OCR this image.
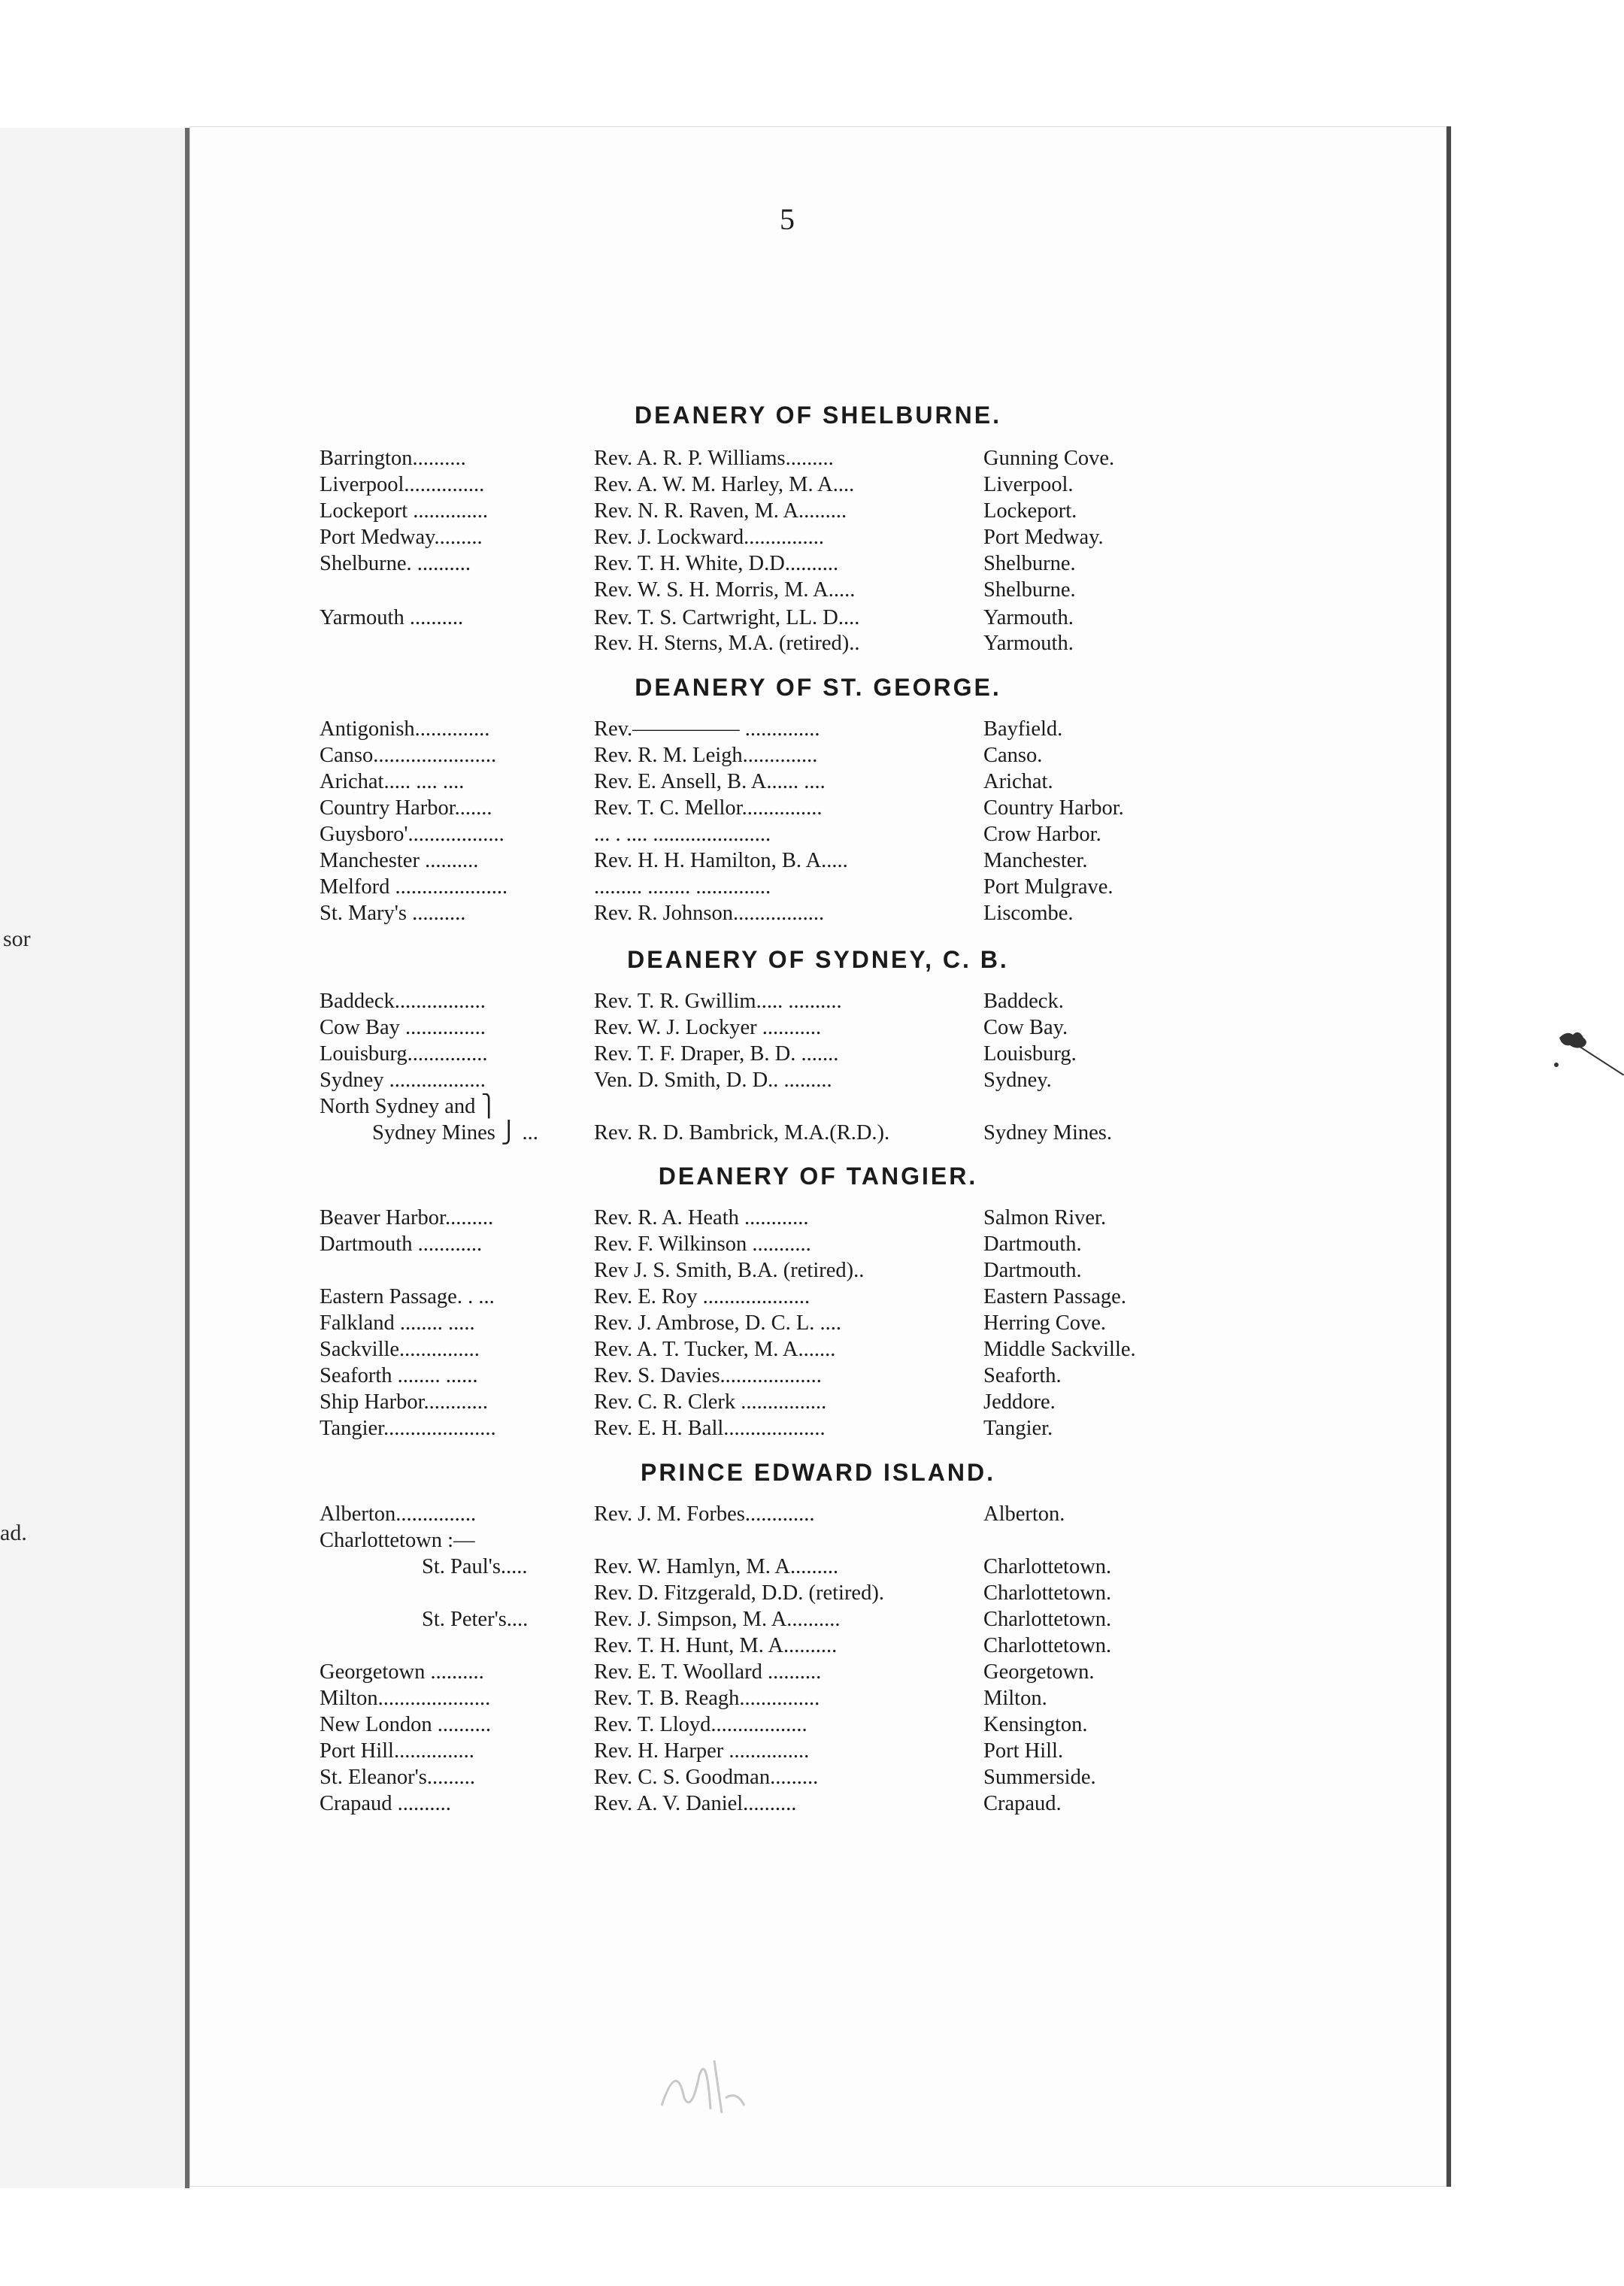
sor
ad.
5
DEANERY OF SHELBURNE.
Barrington..........	Rev. A. R. P. Williams.........	Gunning Cove.
Liverpool...............	Rev. A. W. M. Harley, M. A....	Liverpool.
Lockeport ..............	Rev. N. R. Raven, M. A.........	Lockeport.
Port Medway.........	Rev. J. Lockward...............	Port Medway.
Shelburne. ..........	Rev. T. H. White, D.D..........	Shelburne.
Rev. W. S. H. Morris, M. A.....	Shelburne.
Yarmouth ..........	Rev. T. S. Cartwright, LL. D....	Yarmouth.
Rev. H. Sterns, M.A. (retired)..	Yarmouth.
DEANERY OF ST. GEORGE.
Antigonish..............	Rev.————— ..............	Bayfield.
Canso.......................	Rev. R. M. Leigh..............	Canso.
Arichat..... .... ....	Rev. E. Ansell, B. A...... ....	Arichat.
Country Harbor.......	Rev. T. C. Mellor...............	Country Harbor.
Guysboro'..................	... . .... ......................	Crow Harbor.
Manchester ..........	Rev. H. H. Hamilton, B. A.....	Manchester.
Melford .....................	......... ........ ..............	Port Mulgrave.
St. Mary's ..........	Rev. R. Johnson.................	Liscombe.
DEANERY OF SYDNEY, C. B.
Baddeck.................	Rev. T. R. Gwillim..... ..........	Baddeck.
Cow Bay ...............	Rev. W. J. Lockyer ...........	Cow Bay.
Louisburg...............	Rev. T. F. Draper, B. D. .......	Louisburg.
Sydney ..................	Ven. D. Smith, D. D.. .........	Sydney.
North Sydney and ⎫
Sydney Mines ⎭ ...	Rev. R. D. Bambrick, M.A.(R.D.).	Sydney Mines.
DEANERY OF TANGIER.
Beaver Harbor.........	Rev. R. A. Heath ............	Salmon River.
Dartmouth ............	Rev. F. Wilkinson ...........	Dartmouth.
Rev J. S. Smith, B.A. (retired)..	Dartmouth.
Eastern Passage. . ...	Rev. E. Roy ....................	Eastern Passage.
Falkland ........ .....	Rev. J. Ambrose, D. C. L. ....	Herring Cove.
Sackville...............	Rev. A. T. Tucker, M. A.......	Middle Sackville.
Seaforth ........ ......	Rev. S. Davies...................	Seaforth.
Ship Harbor............	Rev. C. R. Clerk ................	Jeddore.
Tangier.....................	Rev. E. H. Ball...................	Tangier.
PRINCE EDWARD ISLAND.
Alberton...............	Rev. J. M. Forbes.............	Alberton.
Charlottetown :—
St. Paul's.....	Rev. W. Hamlyn, M. A.........	Charlottetown.
Rev. D. Fitzgerald, D.D. (retired).	Charlottetown.
St. Peter's....	Rev. J. Simpson, M. A..........	Charlottetown.
Rev. T. H. Hunt, M. A..........	Charlottetown.
Georgetown ..........	Rev. E. T. Woollard ..........	Georgetown.
Milton.....................	Rev. T. B. Reagh...............	Milton.
New London ..........	Rev. T. Lloyd..................	Kensington.
Port Hill...............	Rev. H. Harper ...............	Port Hill.
St. Eleanor's.........	Rev. C. S. Goodman.........	Summerside.
Crapaud ..........	Rev. A. V. Daniel..........	Crapaud.
